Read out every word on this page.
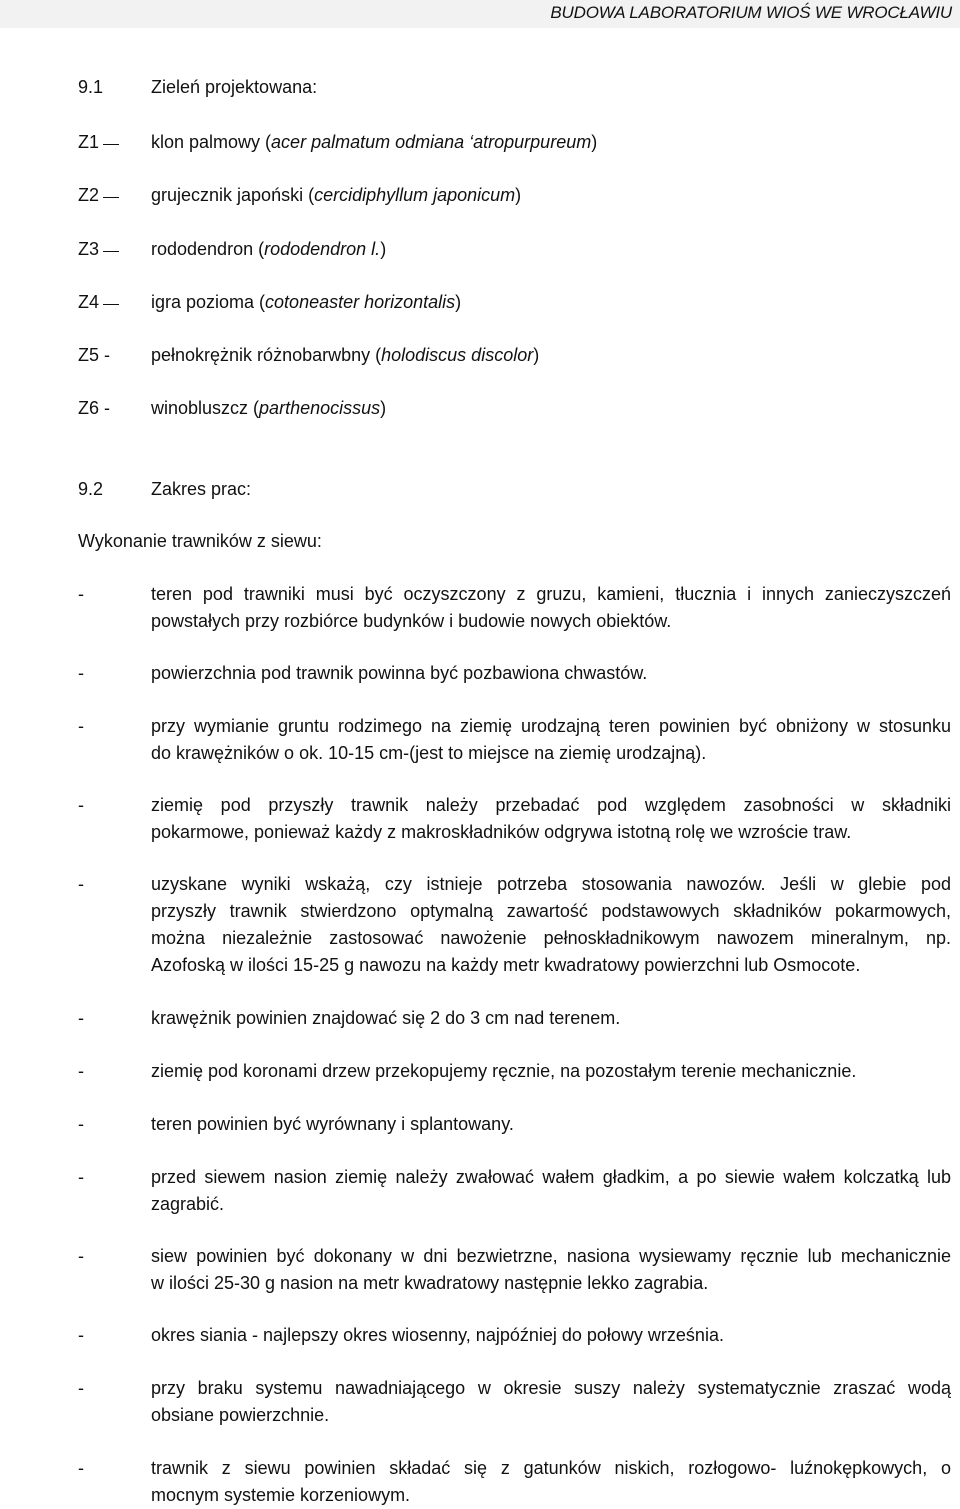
BUDOWA LABORATORIUM WIOŚ WE WROCŁAWIU
9.1	Zieleń projektowana:
Z1	klon palmowy (acer palmatum odmiana ‘atropurpureum)
Z2	grujecznik japoński (cercidiphyllum japonicum)
Z3	rododendron (rododendron l.)
Z4	igra pozioma (cotoneaster horizontalis)
Z5 - pełnokrężnik różnobarwbny (holodiscus discolor)
Z6 - winobluszcz (parthenocissus)
9.2	Zakres prac:
Wykonanie trawników z siewu:
-	teren pod trawniki musi być oczyszczony z gruzu, kamieni, tłucznia i innych zanieczyszczeń
powstałych przy rozbiórce budynków i budowie nowych obiektów.
-	powierzchnia pod trawnik powinna być pozbawiona chwastów.
-	przy wymianie gruntu rodzimego na ziemię urodzajną teren powinien być obniżony w stosunku
do krawężników o ok. 10-15 cm-(jest to miejsce na ziemię urodzajną).
-	ziemię pod przyszły trawnik należy przebadać pod względem zasobności w składniki
pokarmowe, ponieważ każdy z makroskładników odgrywa istotną rolę we wzroście traw.
-	uzyskane wyniki wskażą, czy istnieje potrzeba stosowania nawozów. Jeśli w glebie pod
przyszły trawnik stwierdzono optymalną zawartość podstawowych składników pokarmowych,
można niezależnie zastosować nawożenie pełnoskładnikowym nawozem mineralnym, np.
Azofoską w ilości 15-25 g nawozu na każdy metr kwadratowy powierzchni lub Osmocote.
-	krawężnik powinien znajdować się 2 do 3 cm nad terenem.
-	ziemię pod koronami drzew przekopujemy ręcznie, na pozostałym terenie mechanicznie.
-	teren powinien być wyrównany i splantowany.
-	przed siewem nasion ziemię należy zwałować wałem gładkim, a po siewie wałem kolczatką lub
zagrabić.
-	siew powinien być dokonany w dni bezwietrzne, nasiona wysiewamy ręcznie lub mechanicznie
w ilości 25-30 g nasion na metr kwadratowy następnie lekko zagrabia.
-	okres siania - najlepszy okres wiosenny, najpóźniej do połowy września.
-	przy braku systemu nawadniającego w okresie suszy należy systematycznie zraszać wodą
obsiane powierzchnie.
-	trawnik z siewu powinien składać się z gatunków niskich, rozłogowo- luźnokępkowych, o
mocnym systemie korzeniowym.
